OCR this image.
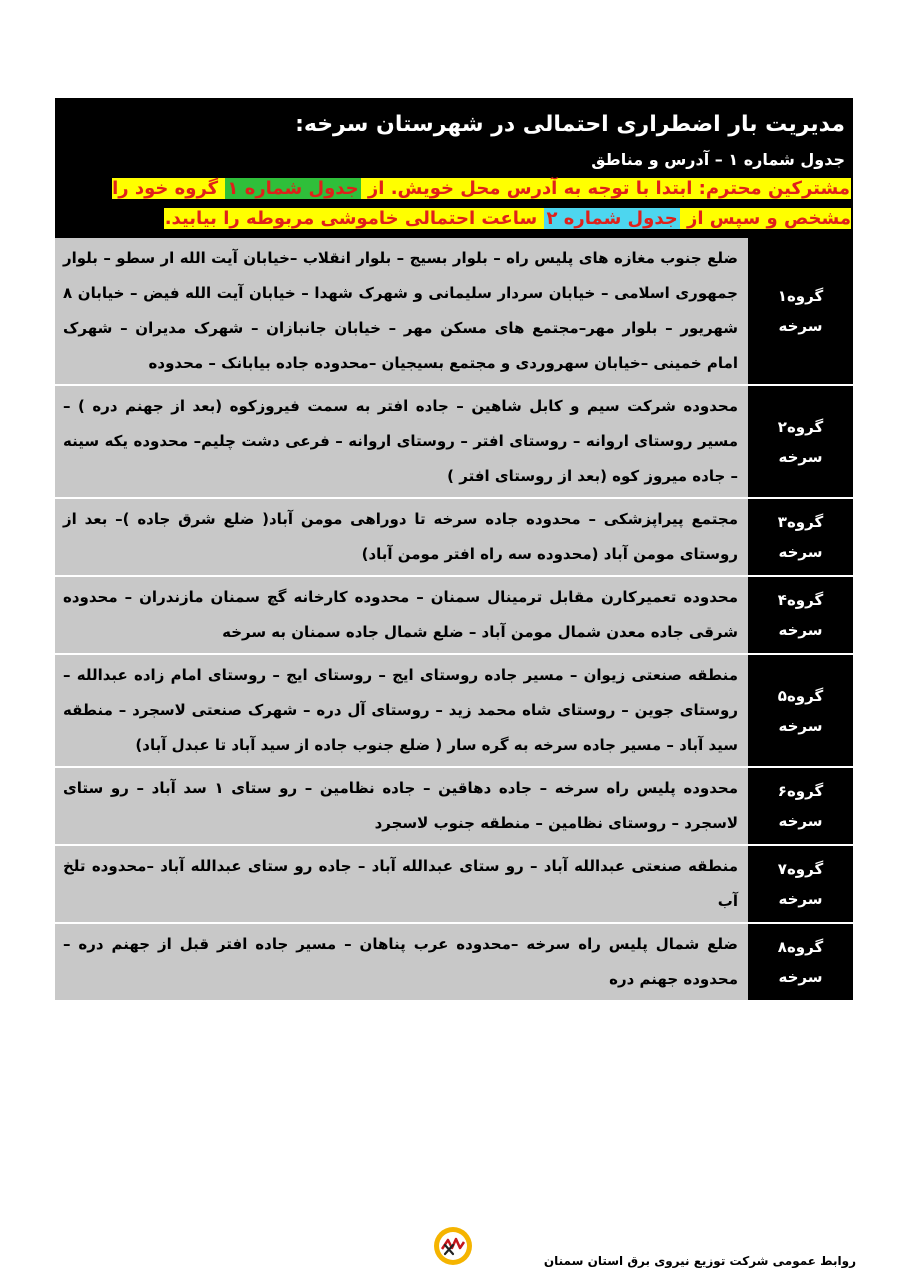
مدیریت بار اضطراری احتمالی در شهرستان سرخه:
جدول شماره ۱ – آدرس و مناطق
مشترکین محترم: ابتدا با توجه به آدرس محل خویش. از جدول شماره ۱ گروه خود را مشخص و سپس از جدول شماره ۲ ساعت احتمالی خاموشی مربوطه را بیابید.
گروه۱
سرخه	ضلع جنوب مغازه های پلیس راه – بلوار بسیج – بلوار انقلاب –خیابان آیت الله ار سطو – بلوار جمهوری اسلامی – خیابان سردار سلیمانی و شهرک شهدا – خیابان آیت الله فیض – خیابان ۸ شهریور – بلوار مهر–مجتمع های مسکن مهر – خیابان جانبازان – شهرک مدیران – شهرک امام خمینی –خیابان سهروردی و مجتمع بسیجیان –محدوده جاده بیابانک – محدوده

گروه۲
سرخه	محدوده شرکت سیم و کابل شاهین – جاده افتر به سمت فیروزکوه (بعد از جهنم دره ) – مسیر روستای اروانه – روستای افتر – روستای اروانه – فرعی دشت چلیم– محدوده یکه سینه – جاده میروز کوه (بعد از روستای افتر )

گروه۳
سرخه	مجتمع پیراپزشکی – محدوده جاده سرخه تا دوراهی مومن آباد( ضلع شرق جاده )– بعد از روستای مومن آباد (محدوده سه راه افتر مومن آباد)

گروه۴
سرخه	محدوده تعمیرکارن مقابل ترمینال سمنان – محدوده کارخانه گچ سمنان مازندران – محدوده شرقی جاده معدن شمال مومن آباد – ضلع شمال جاده سمنان به سرخه

گروه۵
سرخه	منطقه صنعتی زیوان – مسیر جاده روستای ایج – روستای ایج – روستای امام زاده عبدالله – روستای جوین – روستای شاه محمد زید – روستای آل دره – شهرک صنعتی لاسجرد – منطقه سید آباد – مسیر جاده سرخه به گره سار ( ضلع جنوب جاده از سید آباد تا عبدل آباد)

گروه۶
سرخه	محدوده پلیس راه سرخه – جاده دهاقین – جاده نظامین – رو ستای ۱ سد آباد – رو ستای لاسجرد – روستای نظامین – منطقه جنوب لاسجرد

گروه۷
سرخه	منطقه صنعتی عبدالله آباد – رو ستای عبدالله آباد – جاده رو ستای عبدالله آباد –محدوده تلخ آب

گروه۸
سرخه	ضلع شمال پلیس راه سرخه –محدوده عرب پناهان – مسیر جاده افتر قبل از جهنم دره – محدوده جهنم دره
روابط عمومی شرکت توزیع نیروی برق استان سمنان
